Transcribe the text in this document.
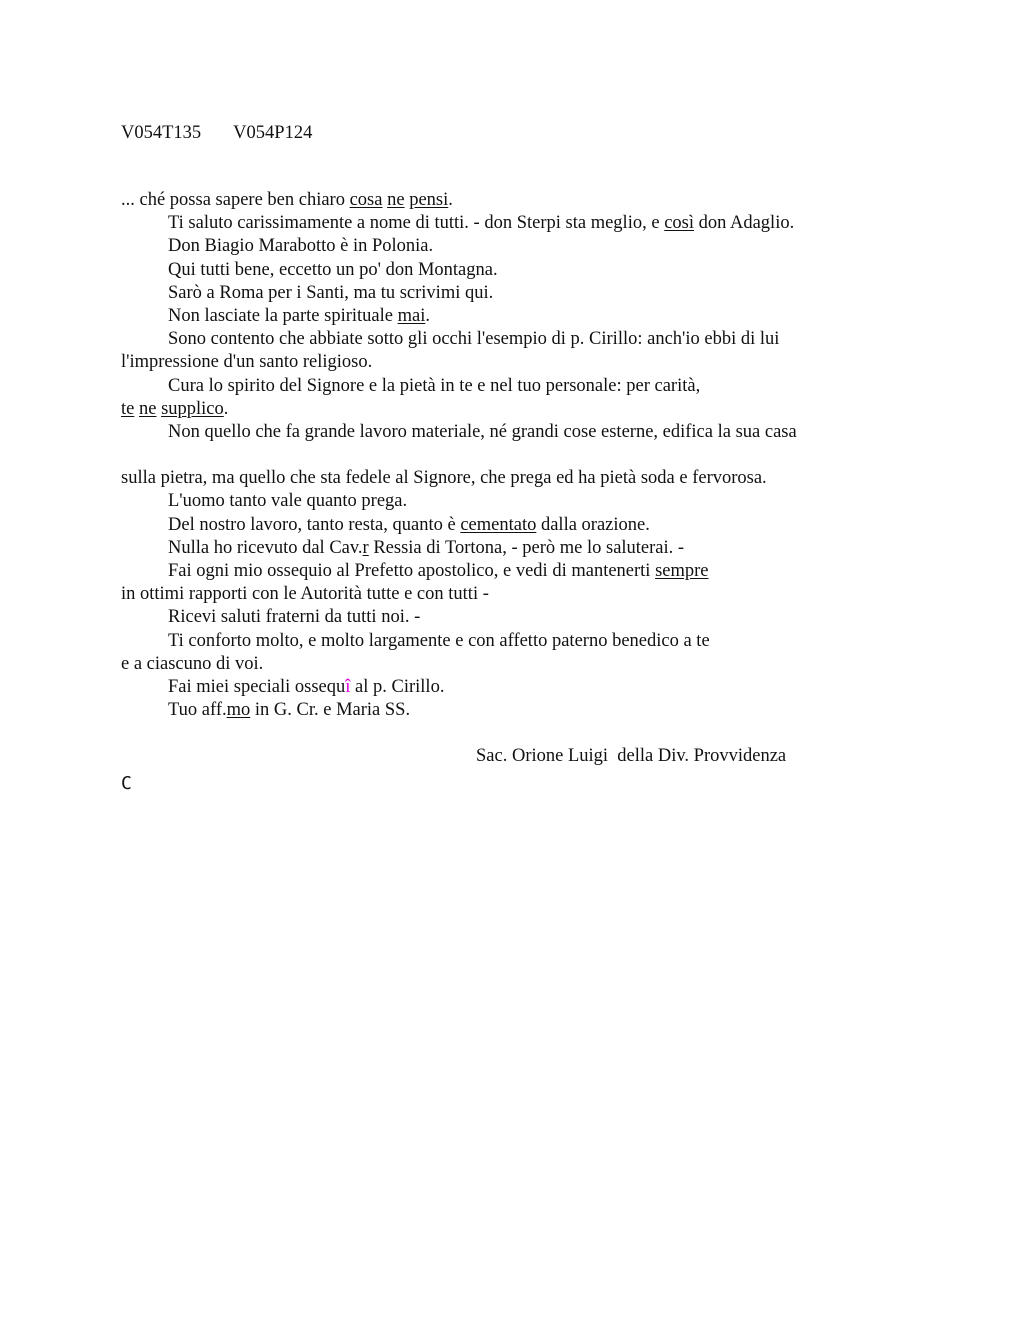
V054T135 V054P124
... ché possa sapere ben chiaro cosa ne pensi.
Ti saluto carissimamente a nome di tutti. - don Sterpi sta meglio, e così don Adaglio.
Don Biagio Marabotto è in Polonia.
Qui tutti bene, eccetto un po' don Montagna.
Sarò a Roma per i Santi, ma tu scrivimi qui.
Non lasciate la parte spirituale mai.
Sono contento che abbiate sotto gli occhi l'esempio di p. Cirillo: anch'io ebbi di lui
l'impressione d'un santo religioso.
Cura lo spirito del Signore e la pietà in te e nel tuo personale: per carità,
te ne supplico.
Non quello che fa grande lavoro materiale, né grandi cose esterne, edifica la sua casa
sulla pietra, ma quello che sta fedele al Signore, che prega ed ha pietà soda e fervorosa.
L'uomo tanto vale quanto prega.
Del nostro lavoro, tanto resta, quanto è cementato dalla orazione.
Nulla ho ricevuto dal Cav.r Ressia di Tortona, - però me lo saluterai. -
Fai ogni mio ossequio al Prefetto apostolico, e vedi di mantenerti sempre
in ottimi rapporti con le Autorità tutte e con tutti -
Ricevi saluti fraterni da tutti noi. -
Ti conforto molto, e molto largamente e con affetto paterno benedico a te
e a ciascuno di voi.
Fai miei speciali ossequî al p. Cirillo.
Tuo aff.mo in G. Cr. e Maria SS.
Sac. Orione Luigi  della Div. Provvidenza
C
